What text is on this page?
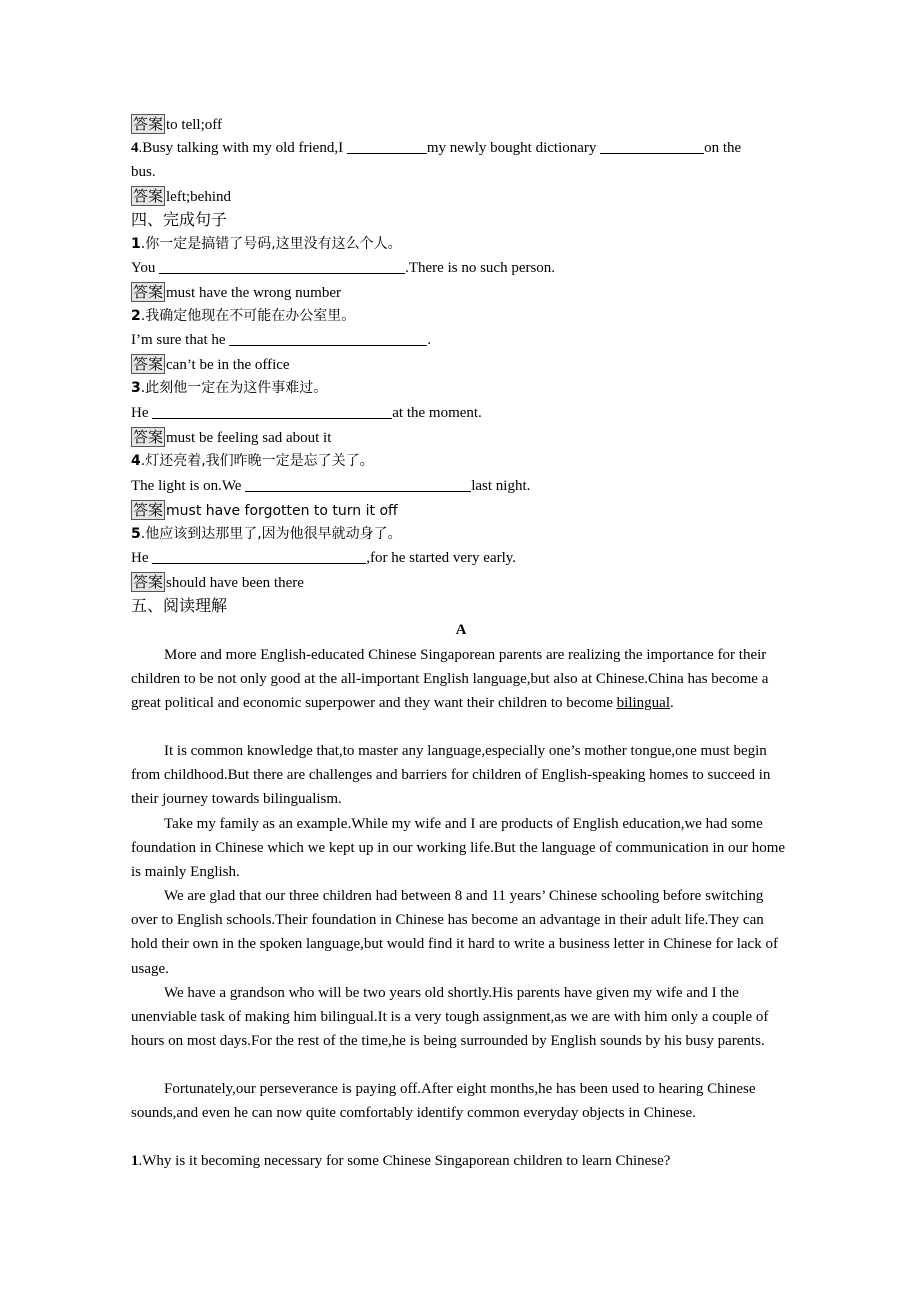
答案 to tell;off
4.Busy talking with my old friend,I	my newly bought dictionary	on the
bus.
答案 left;behind
四、完成句子
1.你一定是搞错了号码,这里没有这么个人。
You	.There is no such person.
答案 must have the wrong number
2.我确定他现在不可能在办公室里。
I’m sure that he	.
答案 can’t be in the office
3.此刻他一定在为这件事难过。
He	at the moment.
答案 must be feeling sad about it
4.灯还亮着,我们昨晚一定是忘了关了。
The light is on.We	last night.
答案 must have forgotten to turn it off
5.他应该到达那里了,因为他很早就动身了。
He	,for he started very early.
答案 should have been there
五、阅读理解
A

More and more English-educated Chinese Singaporean parents are realizing the importance for their children to be not only good at the all-important English language,but also at Chinese.China has become a great political and economic superpower and they want their children to become bilingual.

It is common knowledge that,to master any language,especially one’s mother tongue,one must begin from childhood.But there are challenges and barriers for children of English-speaking homes to succeed in their journey towards bilingualism.

Take my family as an example.While my wife and I are products of English education,we had some foundation in Chinese which we kept up in our working life.But the language of communication in our home is mainly English.

We are glad that our three children had between 8 and 11 years’ Chinese schooling before switching over to English schools.Their foundation in Chinese has become an advantage in their adult life.They can hold their own in the spoken language,but would find it hard to write a business letter in Chinese for lack of usage.

We have a grandson who will be two years old shortly.His parents have given my wife and I the unenviable task of making him bilingual.It is a very tough assignment,as we are with him only a couple of hours on most days.For the rest of the time,he is being surrounded by English sounds by his busy parents.

Fortunately,our perseverance is paying off.After eight months,he has been used to hearing Chinese sounds,and even he can now quite comfortably identify common everyday objects in Chinese.

1.Why is it becoming necessary for some Chinese Singaporean children to learn Chinese?
